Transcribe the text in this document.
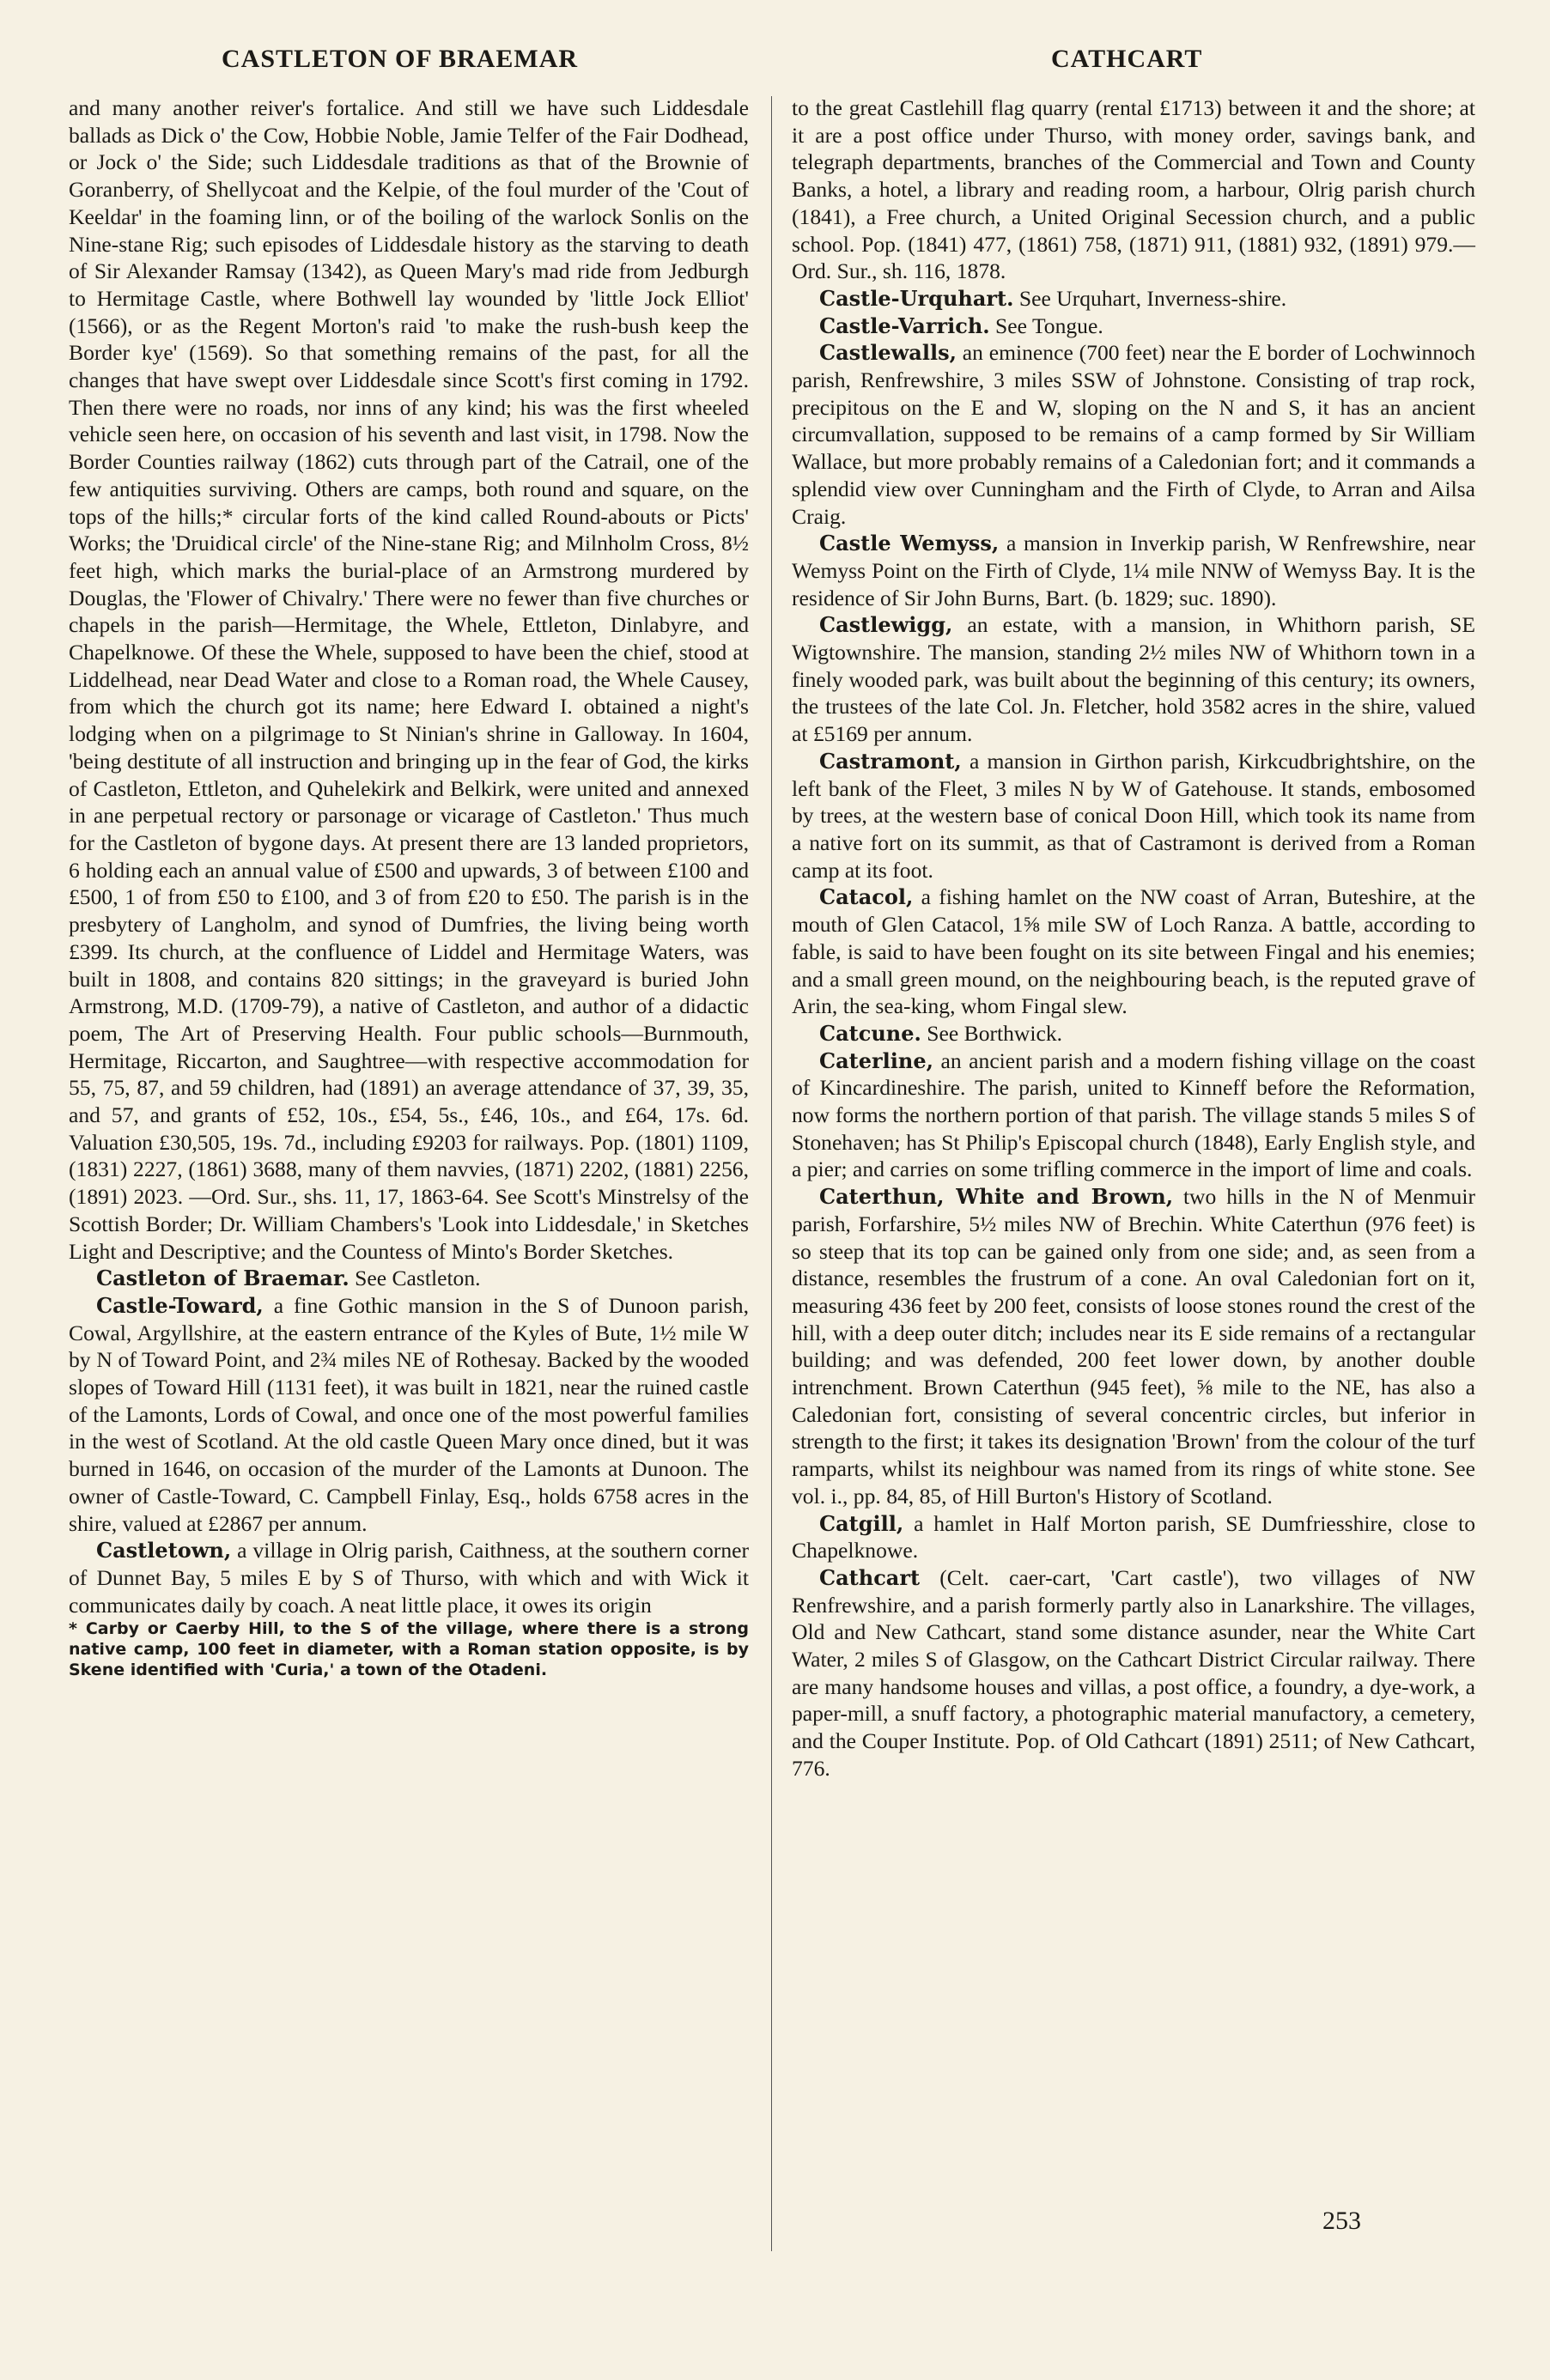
CASTLETON OF BRAEMAR	CATHCART

and many another reiver's fortalice. And still we have such Liddesdale ballads as Dick o' the Cow, Hobbie Noble, Jamie Telfer of the Fair Dodhead, or Jock o' the Side; such Liddesdale traditions as that of the Brownie of Goranberry, of Shellycoat and the Kelpie, of the foul murder of the 'Cout of Keeldar' in the foaming linn, or of the boiling of the warlock Sonlis on the Nine-stane Rig; such episodes of Liddesdale history as the starving to death of Sir Alexander Ramsay (1342), as Queen Mary's mad ride from Jedburgh to Hermitage Castle, where Bothwell lay wounded by 'little Jock Elliot' (1566), or as the Regent Morton's raid 'to make the rush-bush keep the Border kye' (1569). So that something remains of the past, for all the changes that have swept over Liddesdale since Scott's first coming in 1792. Then there were no roads, nor inns of any kind; his was the first wheeled vehicle seen here, on occasion of his seventh and last visit, in 1798. Now the Border Counties railway (1862) cuts through part of the Catrail, one of the few antiquities surviving. Others are camps, both round and square, on the tops of the hills;* circular forts of the kind called Round-abouts or Picts' Works; the 'Druidical circle' of the Nine-stane Rig; and Milnholm Cross, 8½ feet high, which marks the burial-place of an Armstrong murdered by Douglas, the 'Flower of Chivalry.' There were no fewer than five churches or chapels in the parish—Hermitage, the Whele, Ettleton, Dinlabyre, and Chapelknowe. Of these the Whele, supposed to have been the chief, stood at Liddelhead, near Dead Water and close to a Roman road, the Whele Causey, from which the church got its name; here Edward I. obtained a night's lodging when on a pilgrimage to St Ninian's shrine in Galloway. In 1604, 'being destitute of all instruction and bringing up in the fear of God, the kirks of Castleton, Ettleton, and Quhelekirk and Belkirk, were united and annexed in ane perpetual rectory or parsonage or vicarage of Castleton.' Thus much for the Castleton of bygone days. At present there are 13 landed proprietors, 6 holding each an annual value of £500 and upwards, 3 of between £100 and £500, 1 of from £50 to £100, and 3 of from £20 to £50. The parish is in the presbytery of Langholm, and synod of Dumfries, the living being worth £399. Its church, at the confluence of Liddel and Hermitage Waters, was built in 1808, and contains 820 sittings; in the graveyard is buried John Armstrong, M.D. (1709-79), a native of Castleton, and author of a didactic poem, The Art of Preserving Health. Four public schools—Burnmouth, Hermitage, Riccarton, and Saughtree—with respective accommodation for 55, 75, 87, and 59 children, had (1891) an average attendance of 37, 39, 35, and 57, and grants of £52, 10s., £54, 5s., £46, 10s., and £64, 17s. 6d. Valuation £30,505, 19s. 7d., including £9203 for railways. Pop. (1801) 1109, (1831) 2227, (1861) 3688, many of them navvies, (1871) 2202, (1881) 2256, (1891) 2023. —Ord. Sur., shs. 11, 17, 1863-64. See Scott's Minstrelsy of the Scottish Border; Dr. William Chambers's 'Look into Liddesdale,' in Sketches Light and Descriptive; and the Countess of Minto's Border Sketches.

Castleton of Braemar. See Castleton.

Castle-Toward, a fine Gothic mansion in the S of Dunoon parish, Cowal, Argyllshire, at the eastern entrance of the Kyles of Bute, 1½ mile W by N of Toward Point, and 2¾ miles NE of Rothesay. Backed by the wooded slopes of Toward Hill (1131 feet), it was built in 1821, near the ruined castle of the Lamonts, Lords of Cowal, and once one of the most powerful families in the west of Scotland. At the old castle Queen Mary once dined, but it was burned in 1646, on occasion of the murder of the Lamonts at Dunoon. The owner of Castle-Toward, C. Campbell Finlay, Esq., holds 6758 acres in the shire, valued at £2867 per annum.

Castletown, a village in Olrig parish, Caithness, at the southern corner of Dunnet Bay, 5 miles E by S of Thurso, with which and with Wick it communicates daily by coach. A neat little place, it owes its origin

* Carby or Caerby Hill, to the S of the village, where there is a strong native camp, 100 feet in diameter, with a Roman station opposite, is by Skene identified with 'Curia,' a town of the Otadeni.

to the great Castlehill flag quarry (rental £1713) between it and the shore; at it are a post office under Thurso, with money order, savings bank, and telegraph departments, branches of the Commercial and Town and County Banks, a hotel, a library and reading room, a harbour, Olrig parish church (1841), a Free church, a United Original Secession church, and a public school. Pop. (1841) 477, (1861) 758, (1871) 911, (1881) 932, (1891) 979.—Ord. Sur., sh. 116, 1878.

Castle-Urquhart. See Urquhart, Inverness-shire.

Castle-Varrich. See Tongue.

Castlewalls, an eminence (700 feet) near the E border of Lochwinnoch parish, Renfrewshire, 3 miles SSW of Johnstone. Consisting of trap rock, precipitous on the E and W, sloping on the N and S, it has an ancient circumvallation, supposed to be remains of a camp formed by Sir William Wallace, but more probably remains of a Caledonian fort; and it commands a splendid view over Cunningham and the Firth of Clyde, to Arran and Ailsa Craig.

Castle Wemyss, a mansion in Inverkip parish, W Renfrewshire, near Wemyss Point on the Firth of Clyde, 1¼ mile NNW of Wemyss Bay. It is the residence of Sir John Burns, Bart. (b. 1829; suc. 1890).

Castlewigg, an estate, with a mansion, in Whithorn parish, SE Wigtownshire. The mansion, standing 2½ miles NW of Whithorn town in a finely wooded park, was built about the beginning of this century; its owners, the trustees of the late Col. Jn. Fletcher, hold 3582 acres in the shire, valued at £5169 per annum.

Castramont, a mansion in Girthon parish, Kirkcudbrightshire, on the left bank of the Fleet, 3 miles N by W of Gatehouse. It stands, embosomed by trees, at the western base of conical Doon Hill, which took its name from a native fort on its summit, as that of Castramont is derived from a Roman camp at its foot.

Catacol, a fishing hamlet on the NW coast of Arran, Buteshire, at the mouth of Glen Catacol, 1⅝ mile SW of Loch Ranza. A battle, according to fable, is said to have been fought on its site between Fingal and his enemies; and a small green mound, on the neighbouring beach, is the reputed grave of Arin, the sea-king, whom Fingal slew.

Catcune. See Borthwick.

Caterline, an ancient parish and a modern fishing village on the coast of Kincardineshire. The parish, united to Kinneff before the Reformation, now forms the northern portion of that parish. The village stands 5 miles S of Stonehaven; has St Philip's Episcopal church (1848), Early English style, and a pier; and carries on some trifling commerce in the import of lime and coals.

Caterthun, White and Brown, two hills in the N of Menmuir parish, Forfarshire, 5½ miles NW of Brechin. White Caterthun (976 feet) is so steep that its top can be gained only from one side; and, as seen from a distance, resembles the frustrum of a cone. An oval Caledonian fort on it, measuring 436 feet by 200 feet, consists of loose stones round the crest of the hill, with a deep outer ditch; includes near its E side remains of a rectangular building; and was defended, 200 feet lower down, by another double intrenchment. Brown Caterthun (945 feet), ⅝ mile to the NE, has also a Caledonian fort, consisting of several concentric circles, but inferior in strength to the first; it takes its designation 'Brown' from the colour of the turf ramparts, whilst its neighbour was named from its rings of white stone. See vol. i., pp. 84, 85, of Hill Burton's History of Scotland.

Catgill, a hamlet in Half Morton parish, SE Dumfriesshire, close to Chapelknowe.

Cathcart (Celt. caer-cart, 'Cart castle'), two villages of NW Renfrewshire, and a parish formerly partly also in Lanarkshire. The villages, Old and New Cathcart, stand some distance asunder, near the White Cart Water, 2 miles S of Glasgow, on the Cathcart District Circular railway. There are many handsome houses and villas, a post office, a foundry, a dye-work, a paper-mill, a snuff factory, a photographic material manufactory, a cemetery, and the Couper Institute. Pop. of Old Cathcart (1891) 2511; of New Cathcart, 776.

253
